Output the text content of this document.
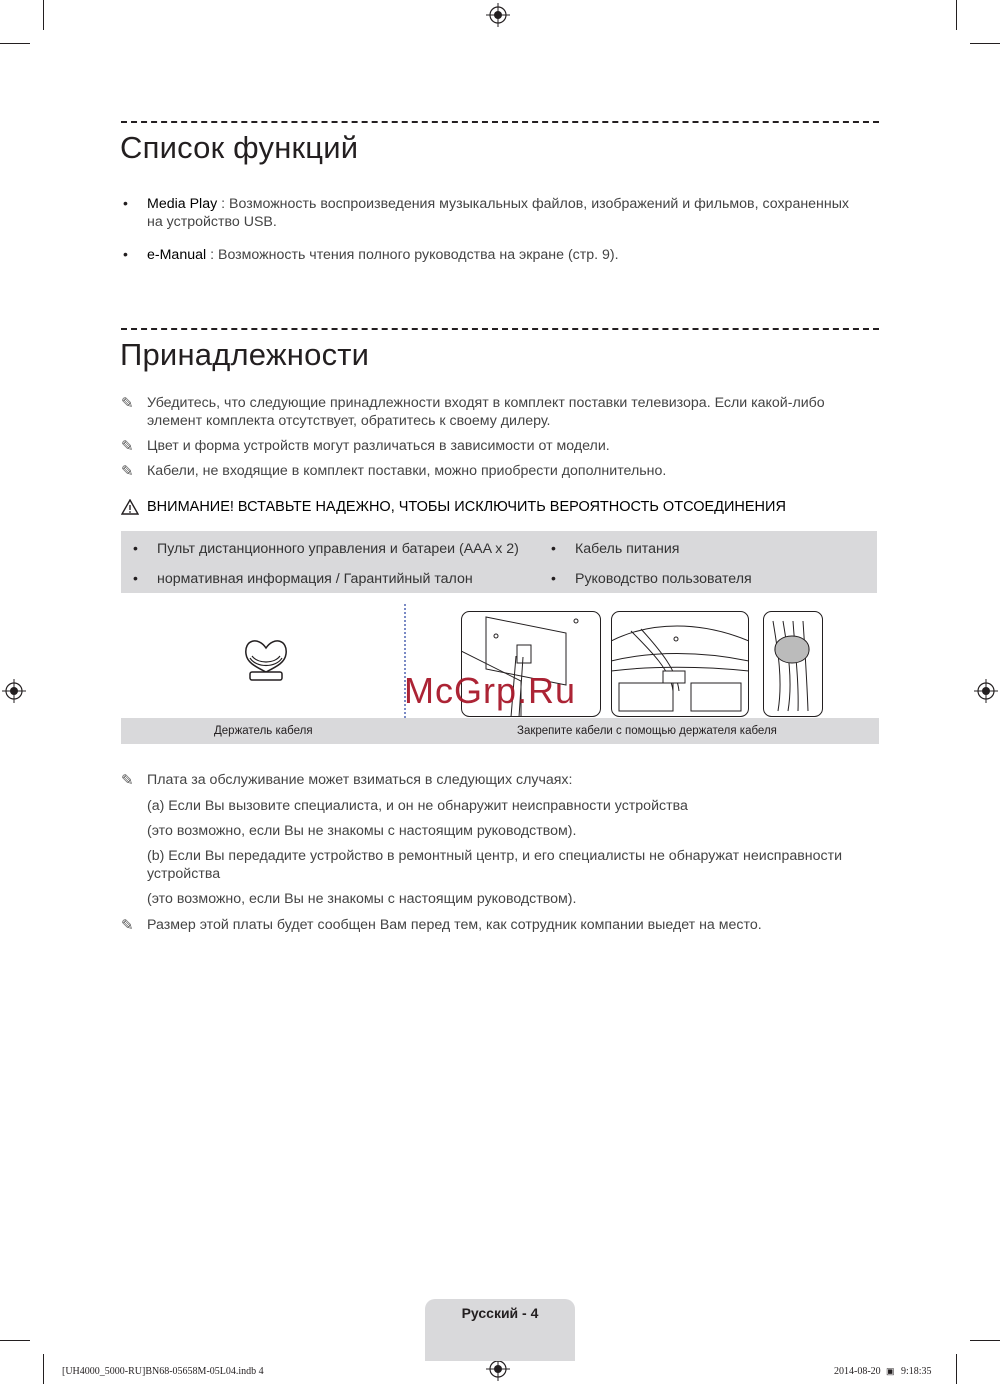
Список функций
• Media Play : Возможность воспроизведения музыкальных файлов, изображений и фильмов, сохраненных
на устройство USB.
• e-Manual : Возможность чтения полного руководства на экране (стр. 9).
Принадлежности
✎ Убедитесь, что следующие принадлежности входят в комплект поставки телевизора. Если какой-либо
элемент комплекта отсутствует, обратитесь к своему дилеру.
✎ Цвет и форма устройств могут различаться в зависимости от модели.
✎ Кабели, не входящие в комплект поставки, можно приобрести дополнительно.
ВНИМАНИЕ! ВСТАВЬТЕ НАДЕЖНО, ЧТОБЫ ИСКЛЮЧИТЬ ВЕРОЯТНОСТЬ ОТСОЕДИНЕНИЯ
• Пульт дистанционного управления и батареи (AAA x 2) • Кабель питания
• нормативная информация / Гарантийный талон	• Руководство пользователя
McGrp.Ru
Держатель кабеля	Закрепите кабели с помощью держателя кабеля
✎ Плата за обслуживание может взиматься в следующих случаях:
(a) Если Вы вызовите специалиста, и он не обнаружит неисправности устройства
(это возможно, если Вы не знакомы с настоящим руководством).
(b) Если Вы передадите устройство в ремонтный центр, и его специалисты не обнаружат неисправности
устройства
(это возможно, если Вы не знакомы с настоящим руководством).
✎ Размер этой платы будет сообщен Вам перед тем, как сотрудник компании выедет на место.
Русский - 4
[UH4000_5000-RU]BN68-05658M-05L04.indb 4	2014-08-20 ▣ 9:18:35
